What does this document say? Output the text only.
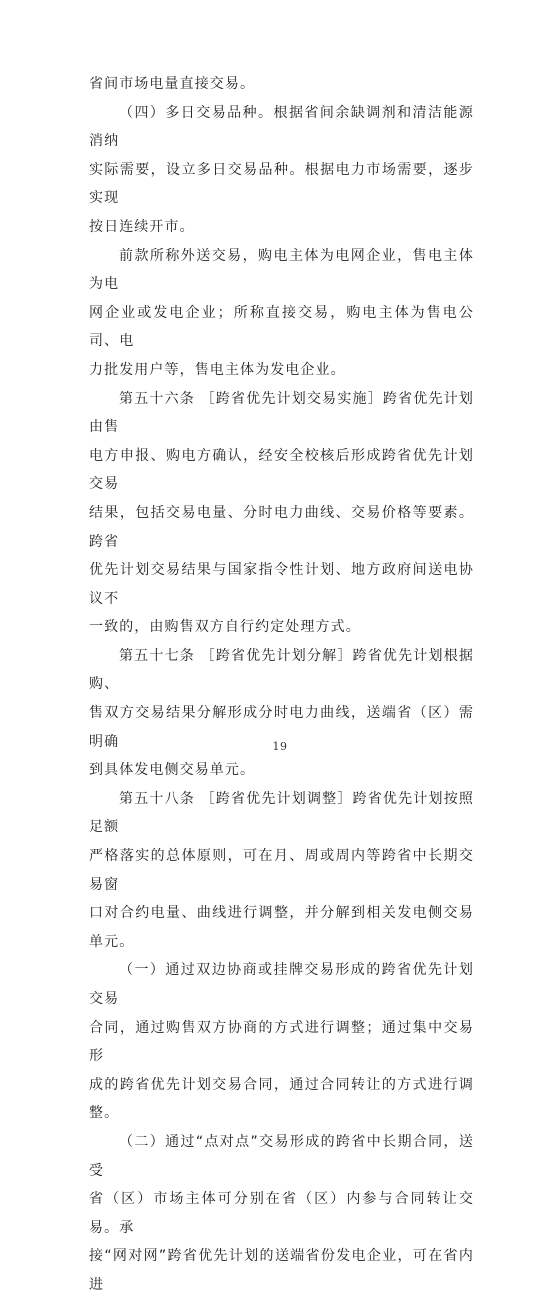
省间市场电量直接交易。
（四）多日交易品种。根据省间余缺调剂和清洁能源消纳
实际需要，设立多日交易品种。根据电力市场需要，逐步实现
按日连续开市。
前款所称外送交易，购电主体为电网企业，售电主体为电
网企业或发电企业；所称直接交易，购电主体为售电公司、电
力批发用户等，售电主体为发电企业。
第五十六条 ［跨省优先计划交易实施］跨省优先计划由售
电方申报、购电方确认，经安全校核后形成跨省优先计划交易
结果，包括交易电量、分时电力曲线、交易价格等要素。跨省
优先计划交易结果与国家指令性计划、地方政府间送电协议不
一致的，由购售双方自行约定处理方式。
第五十七条 ［跨省优先计划分解］跨省优先计划根据购、
售双方交易结果分解形成分时电力曲线，送端省（区）需明确
到具体发电侧交易单元。
第五十八条 ［跨省优先计划调整］跨省优先计划按照足额
严格落实的总体原则，可在月、周或周内等跨省中长期交易窗
口对合约电量、曲线进行调整，并分解到相关发电侧交易单元。
（一）通过双边协商或挂牌交易形成的跨省优先计划交易
合同，通过购售双方协商的方式进行调整；通过集中交易形
成的跨省优先计划交易合同，通过合同转让的方式进行调整。
（二）通过“点对点”交易形成的跨省中长期合同，送受
省（区）市场主体可分别在省（区）内参与合同转让交易。承
接“网对网”跨省优先计划的送端省份发电企业，可在省内进
19
